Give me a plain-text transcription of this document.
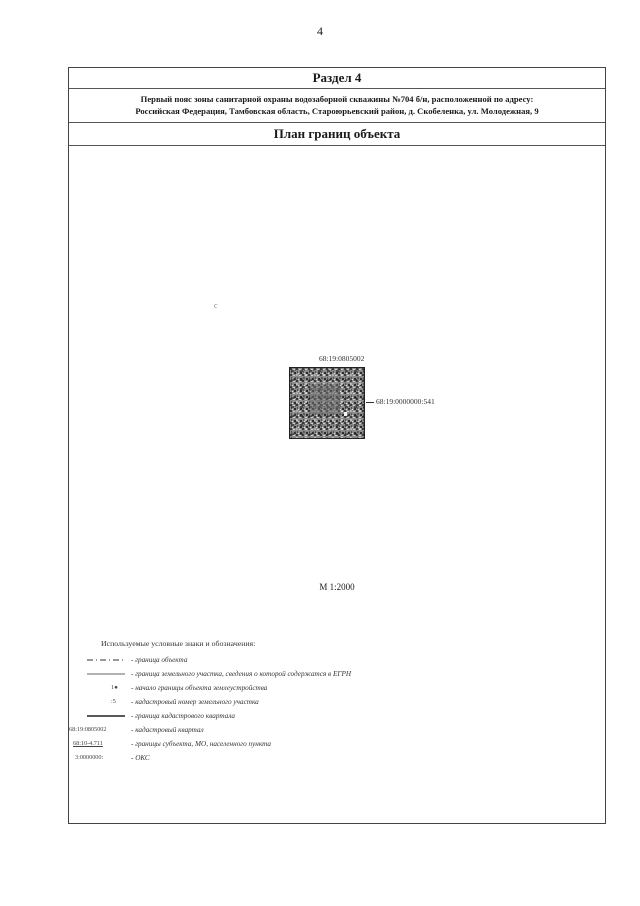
4
Раздел 4
Первый пояс зоны санитарной охраны водозаборной скважины №704 б/н, расположенной по адресу:
Российская Федерация, Тамбовская область, Староюрьевский район, д. Скобеленка, ул. Молодежная, 9
План границ объекта
с
68:19:0805002
68:19:0000000:541
М 1:2000
Используемые условные знаки и обозначения:
- граница объекта
- граница земельного участка, сведения о которой содержатся в ЕГРН
1● - начало границы объекта землеустройства
:5 - кадастровый номер земельного участка
- граница кадастрового квартала
68:19:0805002	- кадастровый квартал
68:10-4.711	- границы субъекта, МО, населенного пункта
3:0000000:	- ОКС
